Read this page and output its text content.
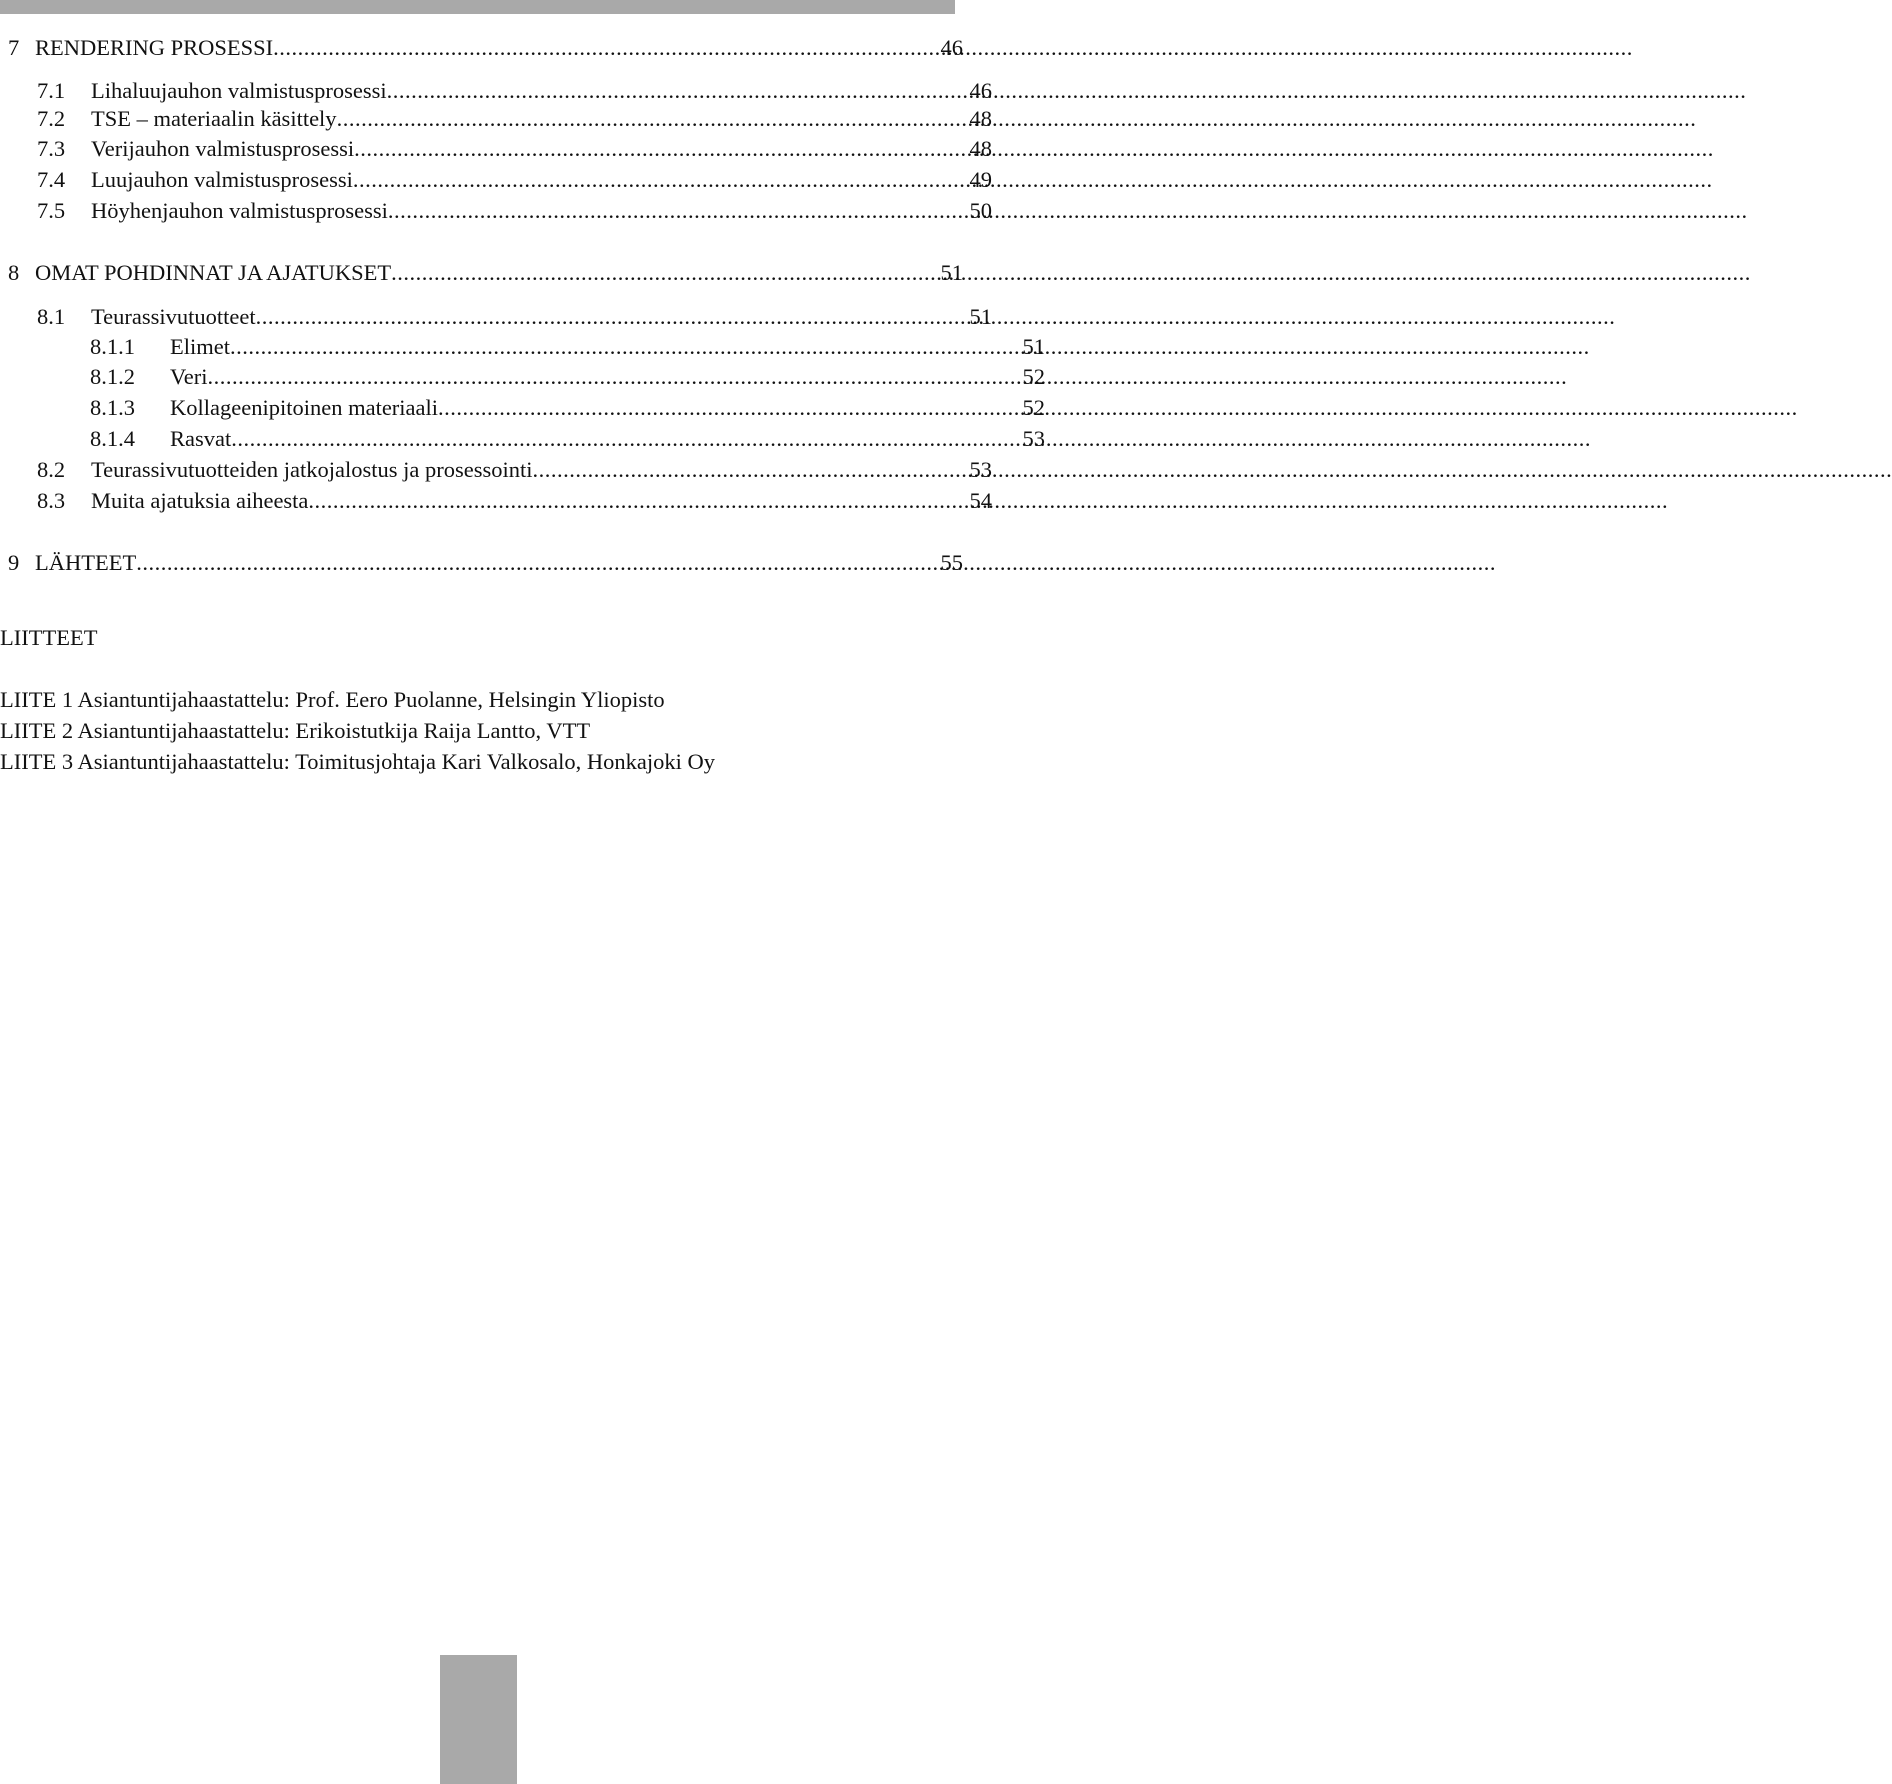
7 RENDERING PROSESSI .....	46
7.1	Lihaluujauhon valmistusprosessi .....	46
7.2	TSE – materiaalin käsittely .....	48
7.3	Verijauhon valmistusprosessi .....	48
7.4	Luujauhon valmistusprosessi .....	49
7.5	Höyhenjauhon valmistusprosessi .....	50
8 OMAT POHDINNAT JA AJATUKSET .....	51
8.1	Teurassivutuotteet .....	51
8.1.1	Elimet .....	51
8.1.2	Veri .....	52
8.1.3	Kollageenipitoinen materiaali .....	52
8.1.4	Rasvat .....	53
8.2	Teurassivutuotteiden jatkojalostus ja prosessointi .....	53
8.3	Muita ajatuksia aiheesta .....	54
9 LÄHTEET .....	55
LIITTEET
LIITE 1 Asiantuntijahaastattelu: Prof. Eero Puolanne, Helsingin Yliopisto
LIITE 2 Asiantuntijahaastattelu: Erikoistutkija Raija Lantto, VTT
LIITE 3 Asiantuntijahaastattelu: Toimitusjohtaja Kari Valkosalo, Honkajoki Oy
